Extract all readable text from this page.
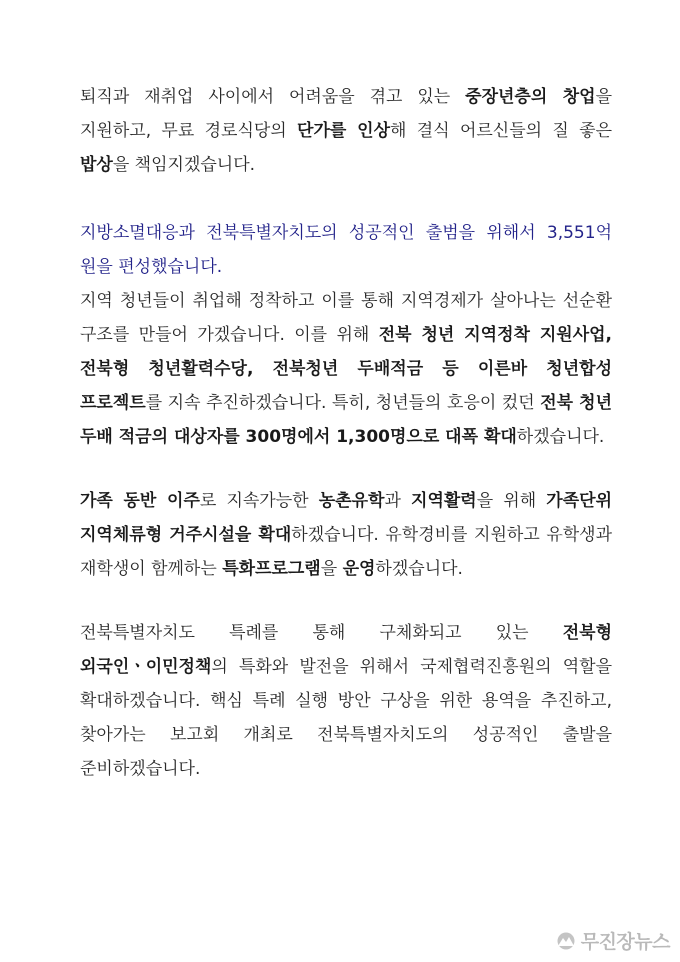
퇴직과 재취업 사이에서 어려움을 겪고 있는 중장년층의 창업을 지원하고, 무료 경로식당의 단가를 인상해 결식 어르신들의 질 좋은 밥상을 책임지겠습니다.

지방소멸대응과 전북특별자치도의 성공적인 출범을 위해서 3,551억 원을 편성했습니다.

지역 청년들이 취업해 정착하고 이를 통해 지역경제가 살아나는 선순환 구조를 만들어 가겠습니다. 이를 위해 전북 청년 지역정착 지원사업, 전북형 청년활력수당, 전북청년 두배적금 등 이른바 청년합성 프로젝트를 지속 추진하겠습니다. 특히, 청년들의 호응이 컸던 전북 청년 두배 적금의 대상자를 300명에서 1,300명으로 대폭 확대하겠습니다.

가족 동반 이주로 지속가능한 농촌유학과 지역활력을 위해 가족단위 지역체류형 거주시설을 확대하겠습니다. 유학경비를 지원하고 유학생과 재학생이 함께하는 특화프로그램을 운영하겠습니다.

전북특별자치도 특례를 통해 구체화되고 있는 전북형 외국인ㆍ이민정책의 특화와 발전을 위해서 국제협력진흥원의 역할을 확대하겠습니다. 핵심 특례 실행 방안 구상을 위한 용역을 추진하고, 찾아가는 보고회 개최로 전북특별자치도의 성공적인 출발을 준비하겠습니다.

무진장뉴스
